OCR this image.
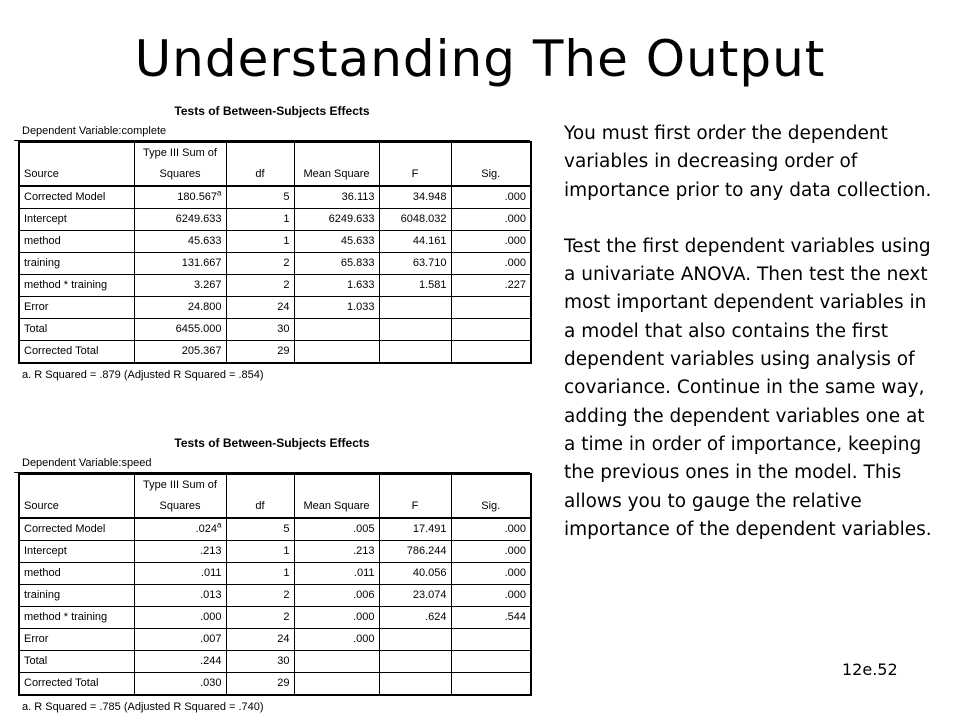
Understanding The Output
Tests of Between-Subjects Effects
Dependent Variable:complete
	Type III Sum of				
Source	Squares	df	Mean Square	F	Sig.
Corrected Model	180.567$^a$	5	36.113	34.948	.000
Intercept	6249.633	1	6249.633	6048.032	.000
method	45.633	1	45.633	44.161	.000
training	131.667	2	65.833	63.710	.000
method * training	3.267	2	1.633	1.581	.227
Error	24.800	24	1.033		
Total	6455.000	30			
Corrected Total	205.367	29			
a. R Squared = .879 (Adjusted R Squared = .854)
Tests of Between-Subjects Effects
Dependent Variable:speed
	Type III Sum of				
Source	Squares	df	Mean Square	F	Sig.
Corrected Model	.024$^a$	5	.005	17.491	.000
Intercept	.213	1	.213	786.244	.000
method	.011	1	.011	40.056	.000
training	.013	2	.006	23.074	.000
method * training	.000	2	.000	.624	.544
Error	.007	24	.000		
Total	.244	30			
Corrected Total	.030	29			
a. R Squared = .785 (Adjusted R Squared = .740)

You must first order the dependent variables in decreasing order of importance prior to any data collection.

Test the first dependent variables using a univariate ANOVA. Then test the next most important dependent variables in a model that also contains the first dependent variables using analysis of covariance. Continue in the same way, adding the dependent variables one at a time in order of importance, keeping the previous ones in the model. This allows you to gauge the relative importance of the dependent variables.

12e.52
